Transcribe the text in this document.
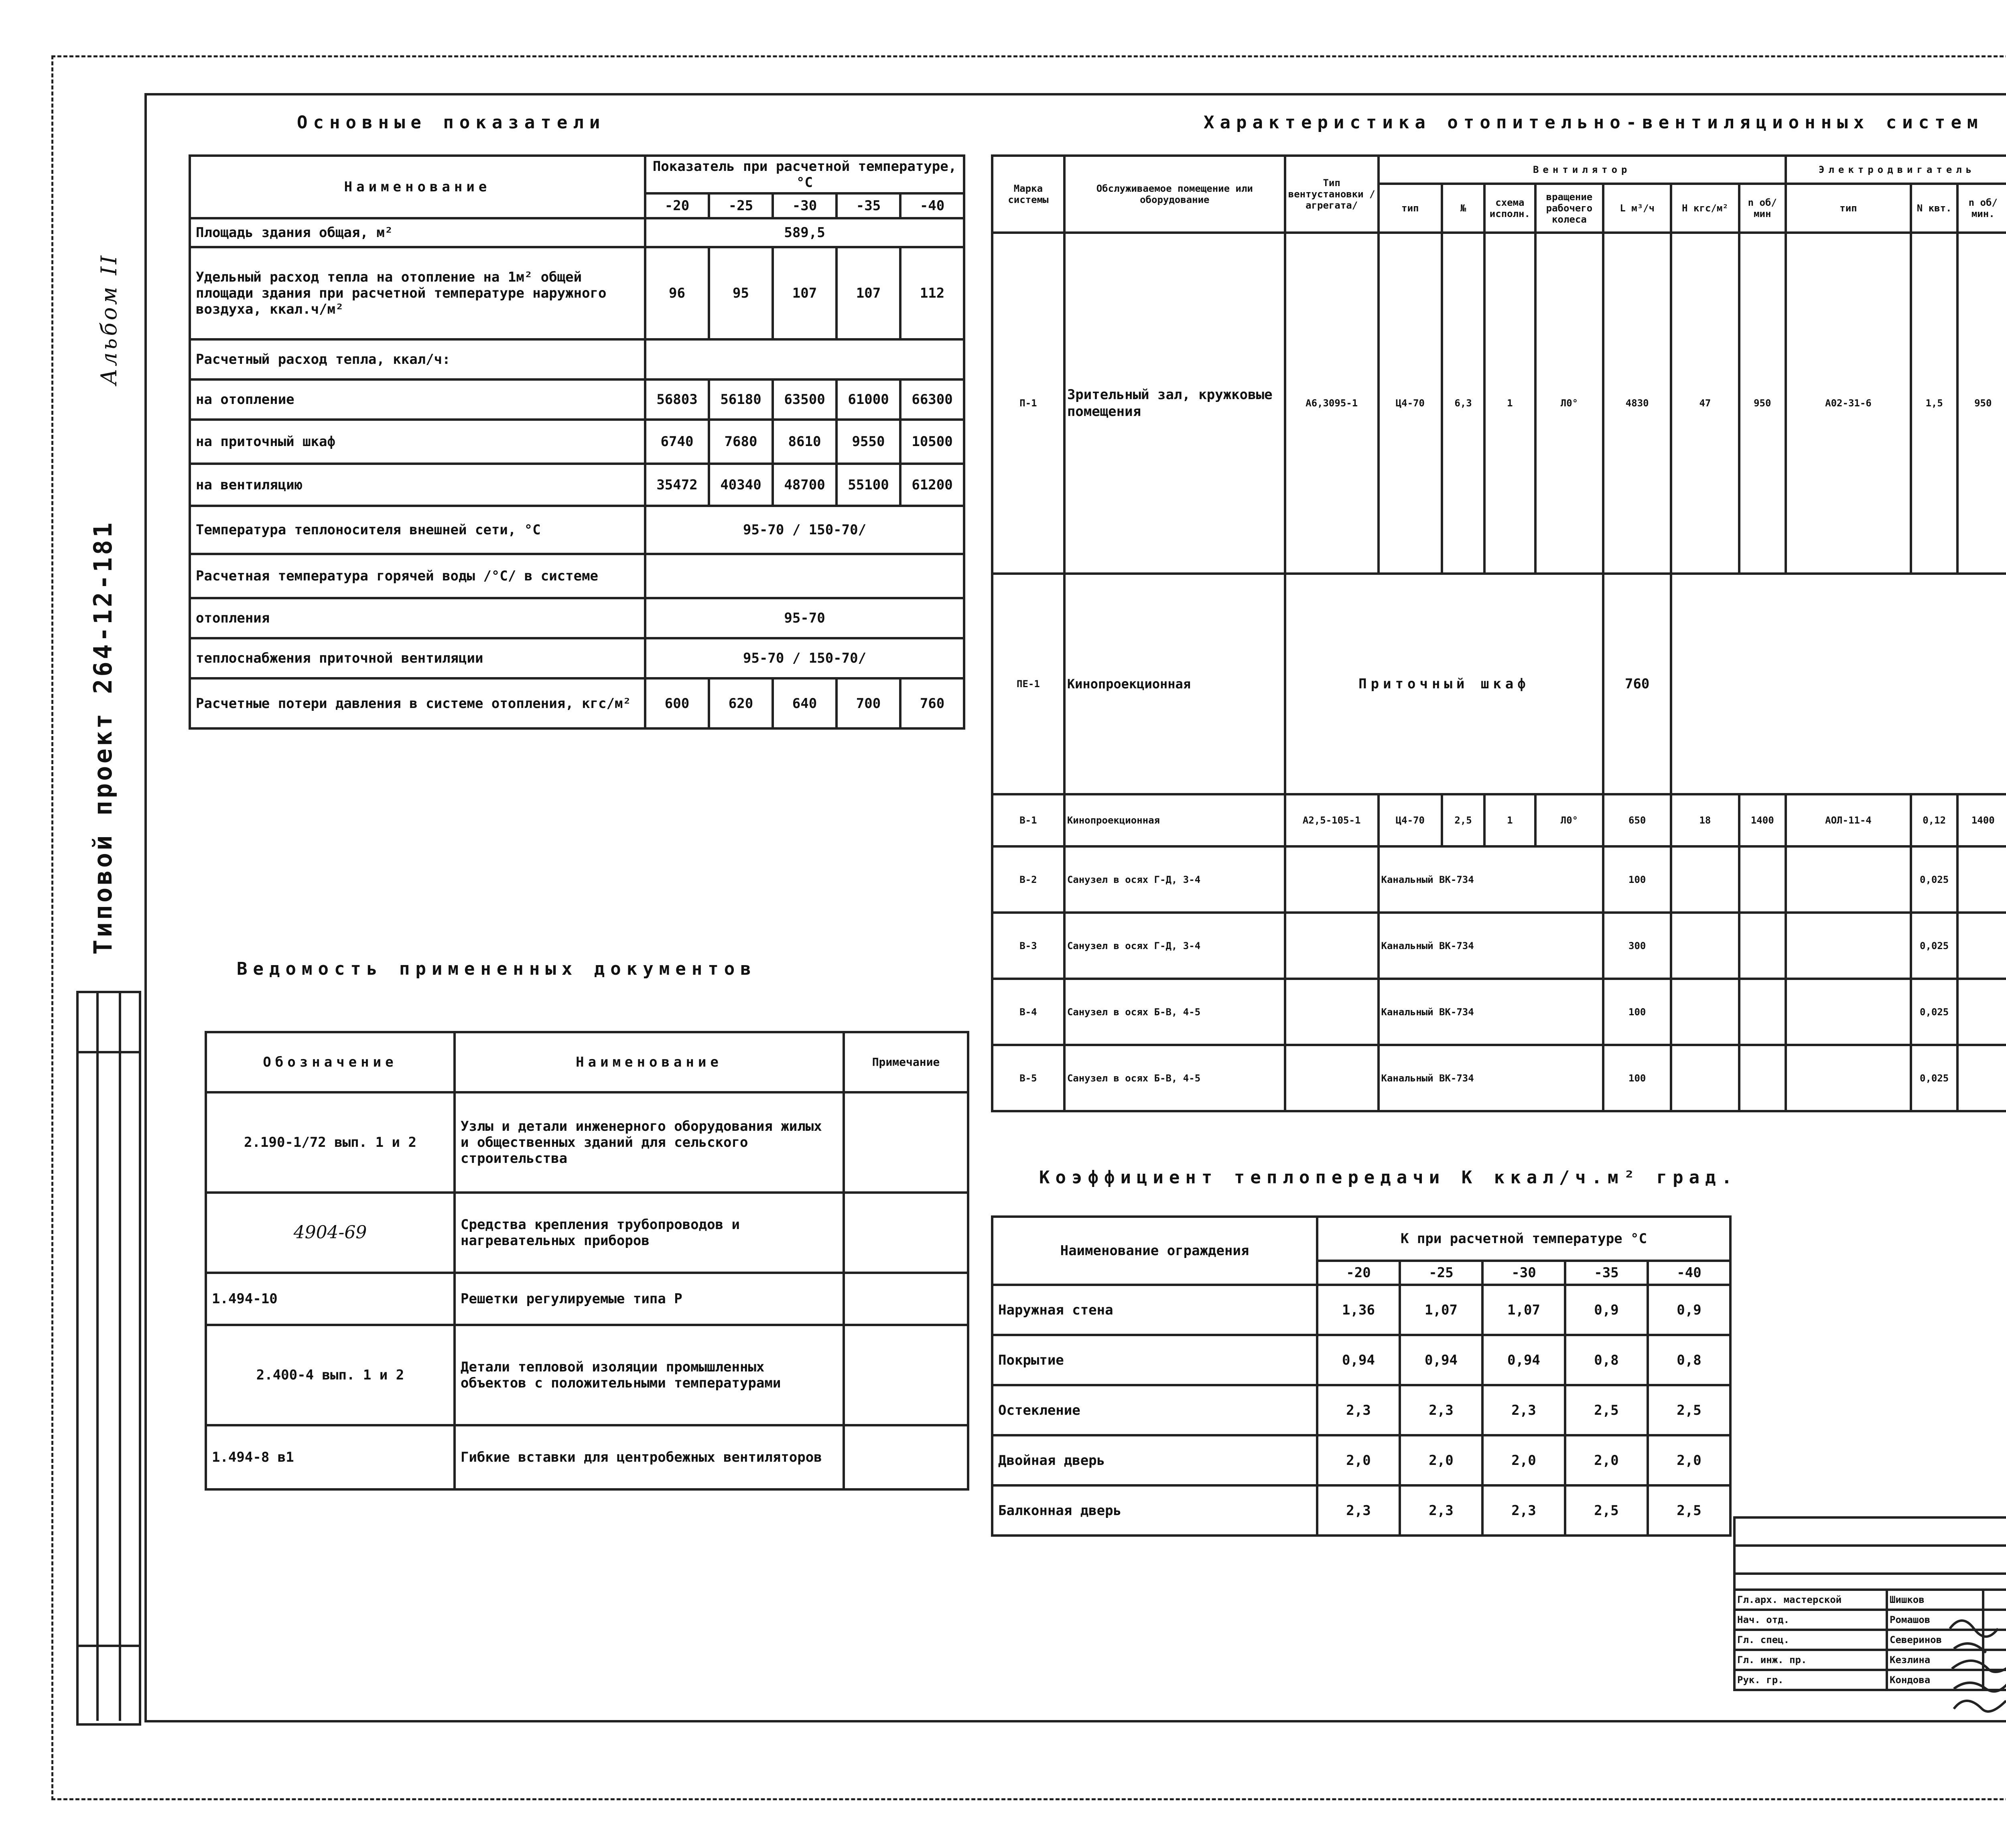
Альбом II
Типовой проект 264-12-181
Основные показатели
Наименование	Показатель при расчетной температуре, °С				
	-20	-25	-30	-35	-40
Площадь здания общая, м²	589,5				
Удельный расход тепла на отопление на 1м² общей площади здания при расчетной температуре наружного воздуха, ккал.ч/м²	96	95	107	107	112
Расчетный расход тепла, ккал/ч:					
на отопление	56803	56180	63500	61000	66300
на приточный шкаф	6740	7680	8610	9550	10500
на вентиляцию	35472	40340	48700	55100	61200
Температура теплоносителя внешней сети, °С	95-70 / 150-70/				
Расчетная температура горячей воды /°С/ в системе					
отопления	95-70				
теплоснабжения приточной вентиляции	95-70 / 150-70/				
Расчетные потери давления в системе отопления, кгс/м²	600	620	640	700	760
Ведомость примененных документов
Обозначение	Наименование	Примечание
2.190-1/72 вып. 1 и 2	Узлы и детали инженерного оборудования жилых и общественных зданий для сельского строительства	
4904-69	Средства крепления трубопроводов и нагревательных приборов	
1.494-10	Решетки регулируемые типа Р	
2.400-4 вып. 1 и 2	Детали тепловой изоляции промышленных объектов с положительными температурами	
1.494-8 в1	Гибкие вставки для центробежных вентиляторов	
Характеристика отопительно-вентиляционных систем
Марка системы	Обслуживаемое помещение или оборудование	Тип вентустановки /агрегата/	Вентилятор							Электродвигатель	
			тип	№	схема исполн.	вращение рабочего колеса	L м³/ч	H кгс/м²	n об/мин	тип	N квт.	n об/мин.							

П-1	Зрительный зал, кружковые помещения	А6,3095-1	Ц4-70	6,3	1	Л0°	4830	47	950	А02-31-6	1,5	950								

ПЕ-1	Кинопроекционная	Приточный шкаф					760								

В-1	Кинопроекционная	А2,5-105-1	Ц4-70	2,5	1	Л0°	650	18	1400	АОЛ-11-4	0,12	1400								
В-2	Санузел в осях Г-Д, 3-4		Канальный ВК-734				100				0,025									
В-3	Санузел в осях Г-Д, 3-4		Канальный ВК-734				300				0,025									
В-4	Санузел в осях Б-В, 4-5		Канальный ВК-734				100				0,025									
В-5	Санузел в осях Б-В, 4-5		Канальный ВК-734				100				0,025									
Коэффициент теплопередачи К ккал/ч.м² град.
Наименование ограждения	К при расчетной температуре °С				
	-20	-25	-30	-35	-40
Наружная стена	1,36	1,07	1,07	0,9	0,9
Покрытие	0,94	0,94	0,94	0,8	0,8
Остекление	2,3	2,3	2,3	2,5	2,5
Двойная дверь	2,0	2,0	2,0	2,0	2,0
Балконная дверь	2,3	2,3	2,3	2,5	2,5

Гл.арх. мастерской	Шишков				
Нач. отд.	Ромашов			
Гл. спец.	Северинов						
Гл. инж. пр.	Кезлина						
Рук. гр.	Кондова						
